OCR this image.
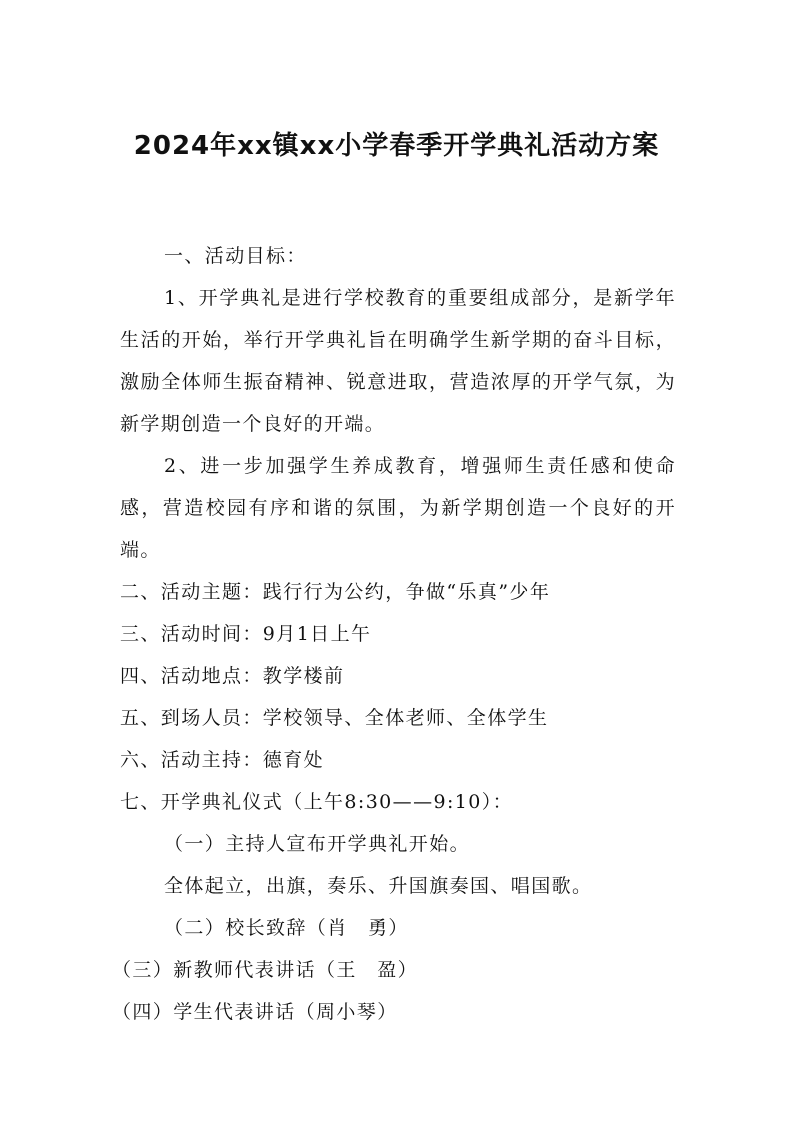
2024年xx镇xx小学春季开学典礼活动方案

一、活动目标：

1、开学典礼是进行学校教育的重要组成部分，是新学年生活的开始，举行开学典礼旨在明确学生新学期的奋斗目标，激励全体师生振奋精神、锐意进取，营造浓厚的开学气氛，为新学期创造一个良好的开端。

2、进一步加强学生养成教育，增强师生责任感和使命感，营造校园有序和谐的氛围，为新学期创造一个良好的开端。

二、活动主题：践行行为公约，争做“乐真”少年

三、活动时间：9月1日上午

四、活动地点：教学楼前

五、到场人员：学校领导、全体老师、全体学生

六、活动主持：德育处

七、开学典礼仪式（上午8:30——9:10）：

（一）主持人宣布开学典礼开始。

全体起立，出旗，奏乐、升国旗奏国、唱国歌。

（二）校长致辞（肖　勇）

（三）新教师代表讲话（王　盈）

（四）学生代表讲话（周小琴）
